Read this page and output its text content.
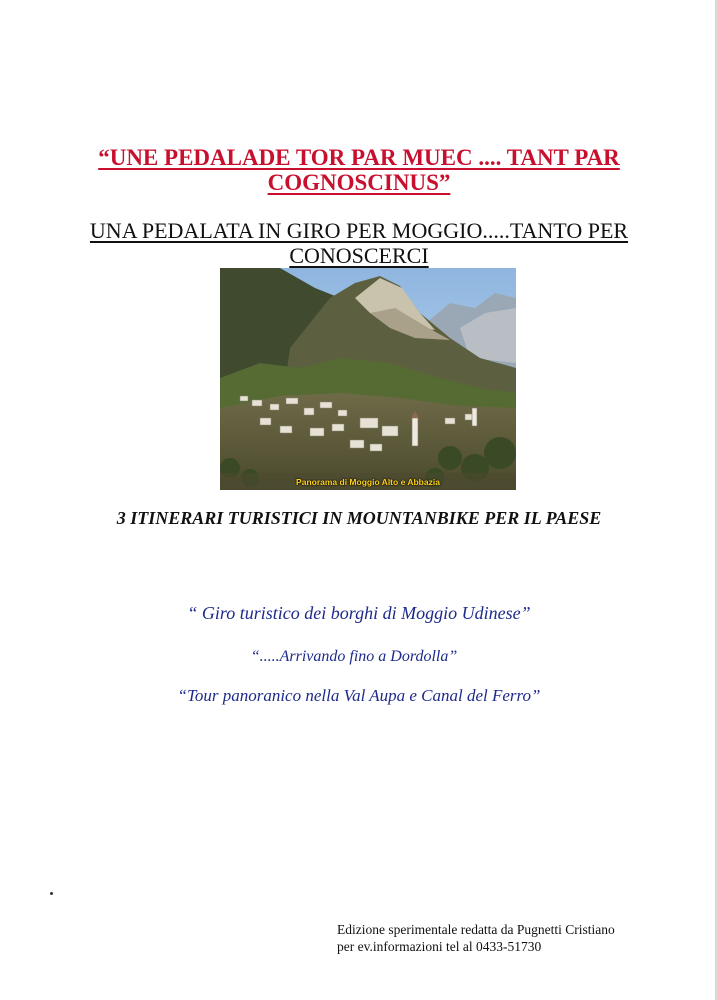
“UNE PEDALADE TOR PAR MUEC .... TANT PAR
COGNOSCINUS”
UNA PEDALATA IN GIRO PER MOGGIO.....TANTO PER
CONOSCERCI
Panorama di Moggio Alto e Abbazia
3 ITINERARI TURISTICI IN MOUNTANBIKE PER IL PAESE
“ Giro turistico dei borghi di Moggio Udinese”
“.....Arrivando fino a Dordolla”
“Tour panoranico nella Val Aupa e Canal del Ferro”
Edizione sperimentale redatta da Pugnetti Cristiano
per ev.informazioni tel al 0433-51730
